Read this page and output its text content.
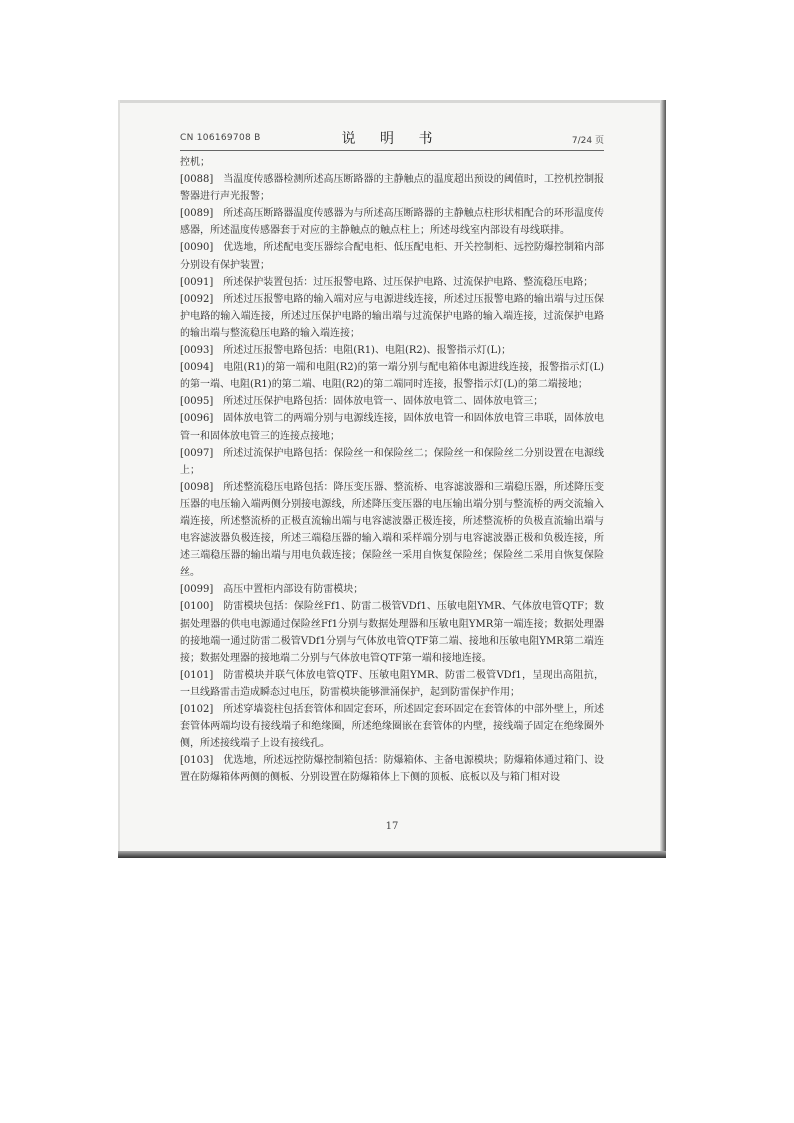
CN 106169708 B	说 明 书	7/24 页

控机；

[0088] 当温度传感器检测所述高压断路器的主静触点的温度超出预设的阈值时，工控机控制报警器进行声光报警；

[0089] 所述高压断路器温度传感器为与所述高压断路器的主静触点柱形状相配合的环形温度传感器，所述温度传感器套于对应的主静触点的触点柱上；所述母线室内部设有母线联排。

[0090] 优选地，所述配电变压器综合配电柜、低压配电柜、开关控制柜、远控防爆控制箱内部分别设有保护装置；

[0091] 所述保护装置包括：过压报警电路、过压保护电路、过流保护电路、整流稳压电路；

[0092] 所述过压报警电路的输入端对应与电源进线连接，所述过压报警电路的输出端与过压保护电路的输入端连接，所述过压保护电路的输出端与过流保护电路的输入端连接，过流保护电路的输出端与整流稳压电路的输入端连接；

[0093] 所述过压报警电路包括：电阻(R1)、电阻(R2)、报警指示灯(L)；

[0094] 电阻(R1)的第一端和电阻(R2)的第一端分别与配电箱体电源进线连接，报警指示灯(L)的第一端、电阻(R1)的第二端、电阻(R2)的第二端同时连接，报警指示灯(L)的第二端接地；

[0095] 所述过压保护电路包括：固体放电管一、固体放电管二、固体放电管三；

[0096] 固体放电管二的两端分别与电源线连接，固体放电管一和固体放电管三串联，固体放电管一和固体放电管三的连接点接地；

[0097] 所述过流保护电路包括：保险丝一和保险丝二；保险丝一和保险丝二分别设置在电源线上；

[0098] 所述整流稳压电路包括：降压变压器、整流桥、电容滤波器和三端稳压器，所述降压变压器的电压输入端两侧分别接电源线，所述降压变压器的电压输出端分别与整流桥的两交流输入端连接，所述整流桥的正极直流输出端与电容滤波器正极连接，所述整流桥的负极直流输出端与电容滤波器负极连接，所述三端稳压器的输入端和采样端分别与电容滤波器正极和负极连接，所述三端稳压器的输出端与用电负载连接；保险丝一采用自恢复保险丝；保险丝二采用自恢复保险丝。

[0099] 高压中置柜内部设有防雷模块；

[0100] 防雷模块包括：保险丝Ff1、防雷二极管VDf1、压敏电阻YMR、气体放电管QTF；数据处理器的供电电源通过保险丝Ff1分别与数据处理器和压敏电阻YMR第一端连接；数据处理器的接地端一通过防雷二极管VDf1分别与气体放电管QTF第二端、接地和压敏电阻YMR第二端连接；数据处理器的接地端二分别与气体放电管QTF第一端和接地连接。

[0101] 防雷模块并联气体放电管QTF、压敏电阻YMR、防雷二极管VDf1，呈现出高阻抗，一旦线路雷击造成瞬态过电压，防雷模块能够泄涌保护，起到防雷保护作用；

[0102] 所述穿墙瓷柱包括套管体和固定套环，所述固定套环固定在套管体的中部外壁上，所述套管体两端均设有接线端子和绝缘圈，所述绝缘圈嵌在套管体的内壁，接线端子固定在绝缘圈外侧，所述接线端子上设有接线孔。

[0103] 优选地，所述远控防爆控制箱包括：防爆箱体、主备电源模块；防爆箱体通过箱门、设置在防爆箱体两侧的侧板、分别设置在防爆箱体上下侧的顶板、底板以及与箱门相对设

17
